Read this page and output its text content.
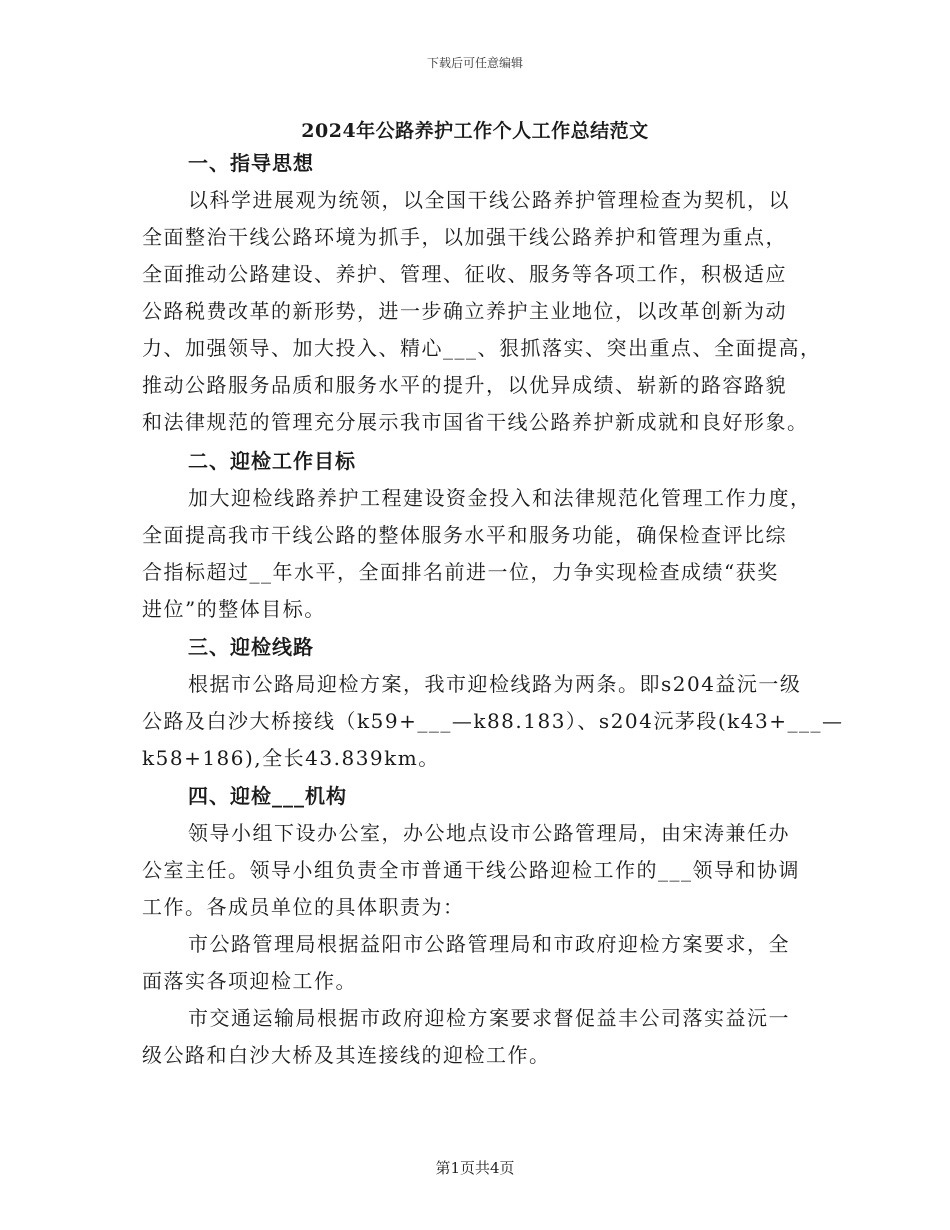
下载后可任意编辑
2024年公路养护工作个人工作总结范文
一、指导思想
以科学进展观为统领，以全国干线公路养护管理检查为契机，以
全面整治干线公路环境为抓手，以加强干线公路养护和管理为重点，
全面推动公路建设、养护、管理、征收、服务等各项工作，积极适应
公路税费改革的新形势，进一步确立养护主业地位，以改革创新为动
力、加强领导、加大投入、精心___、狠抓落实、突出重点、全面提高，
推动公路服务品质和服务水平的提升，以优异成绩、崭新的路容路貌
和法律规范的管理充分展示我市国省干线公路养护新成就和良好形象。
二、迎检工作目标
加大迎检线路养护工程建设资金投入和法律规范化管理工作力度，
全面提高我市干线公路的整体服务水平和服务功能，确保检查评比综
合指标超过__年水平，全面排名前进一位，力争实现检查成绩“获奖
进位”的整体目标。
三、迎检线路
根据市公路局迎检方案，我市迎检线路为两条。即s204益沅一级
公路及白沙大桥接线（k59+___—k88.183）、s204沅茅段(k43+___—
k58+186),全长43.839km。
四、迎检___机构
领导小组下设办公室，办公地点设市公路管理局，由宋涛兼任办
公室主任。领导小组负责全市普通干线公路迎检工作的___领导和协调
工作。各成员单位的具体职责为：
市公路管理局根据益阳市公路管理局和市政府迎检方案要求，全
面落实各项迎检工作。
市交通运输局根据市政府迎检方案要求督促益丰公司落实益沅一
级公路和白沙大桥及其连接线的迎检工作。
第1页共4页
